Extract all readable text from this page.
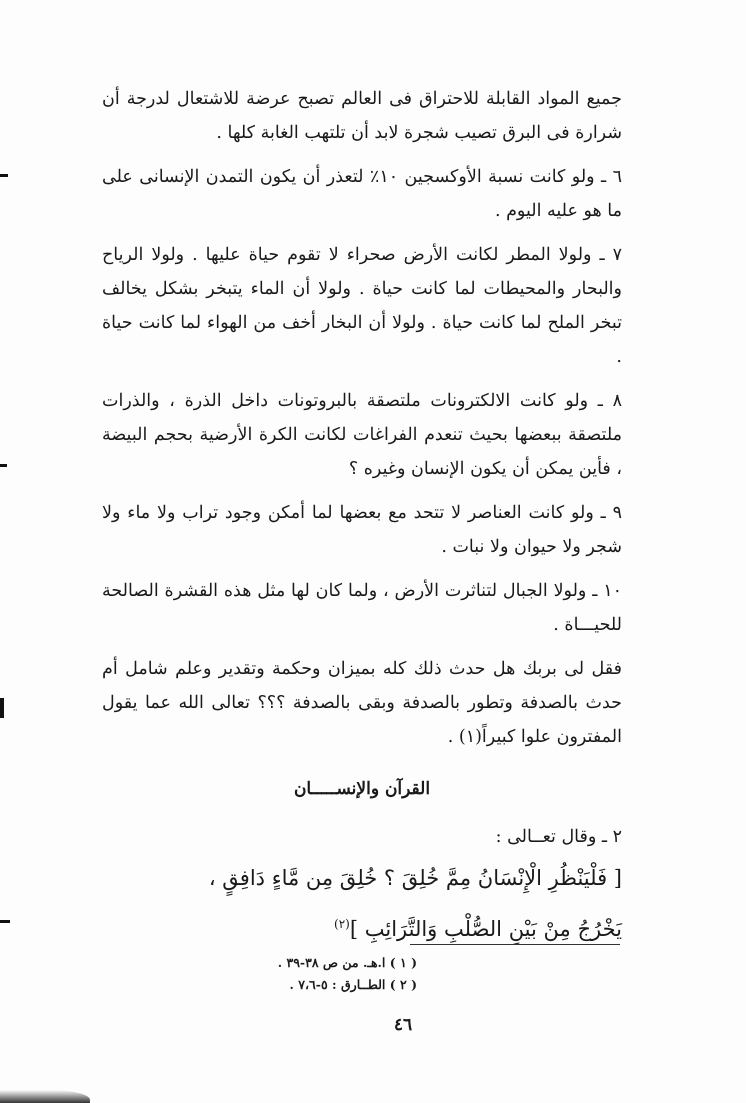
جميع المواد القابلة للاحتراق فى العالم تصبح عرضة للاشتعال لدرجة أن شرارة فى البرق تصيب شجرة لابد أن تلتهب الغابة كلها .

٦ ـ ولو كانت نسبة الأوكسجين ١٠٪ لتعذر أن يكون التمدن الإنسانى على ما هو عليه اليوم .

٧ ـ ولولا المطر لكانت الأرض صحراء لا تقوم حياة عليها . ولولا الرياح والبحار والمحيطات لما كانت حياة . ولولا أن الماء يتبخر بشكل يخالف تبخر الملح لما كانت حياة . ولولا أن البخار أخف من الهواء لما كانت حياة .

٨ ـ ولو كانت الالكترونات ملتصقة بالبروتونات داخل الذرة ، والذرات ملتصقة ببعضها بحيث تنعدم الفراغات لكانت الكرة الأرضية بحجم البيضة ، فأين يمكن أن يكون الإنسان وغيره ؟

٩ ـ ولو كانت العناصر لا تتحد مع بعضها لما أمكن وجود تراب ولا ماء ولا شجر ولا حيوان ولا نبات .

١٠ ـ ولولا الجبال لتناثرت الأرض ، ولما كان لها مثل هذه القشرة الصالحة للحيـــاة .

فقل لى بربك هل حدث ذلك كله بميزان وحكمة وتقدير وعلم شامل أم حدث بالصدفة وتطور بالصدفة وبقى بالصدفة ؟؟؟ تعالى الله عما يقول المفترون علوا كبيراً(١) .

القرآن والإنســـــان

٢ ـ وقال تعــالى :

[ فَلْيَنْظُرِ الْإِنْسَانُ مِمَّ خُلِقَ ؟ خُلِقَ مِن مَّاءٍ دَافِقٍ ،

يَخْرُجُ مِنْ بَيْنِ الصُّلْبِ وَالتَّرَائِبِ ]$^{(٢)}$

( ١ ) ا.هـ. من ص ٣٨-٣٩ .
( ٢ ) الطــارق : ٥-٧،٦ .
٤٦
